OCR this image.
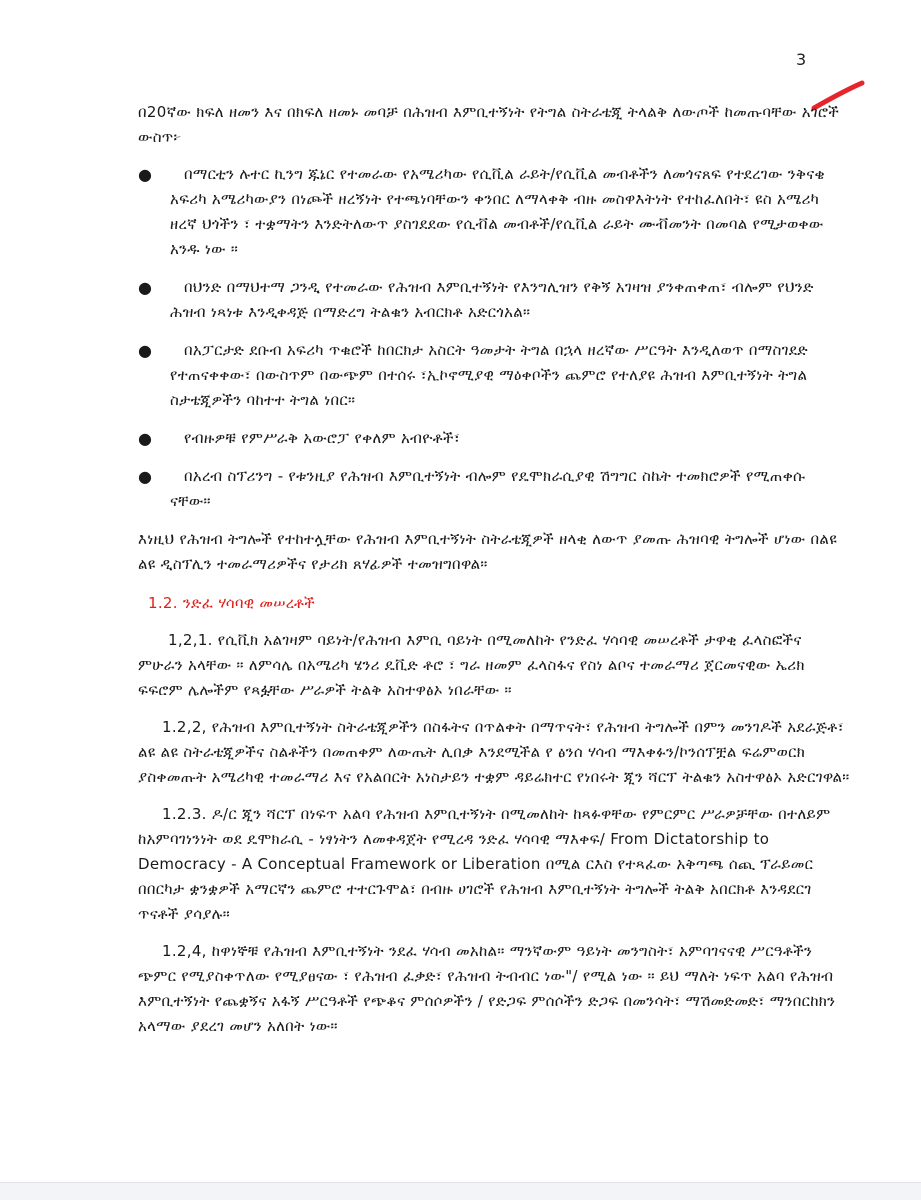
3

በ20ኛው ክፍለ ዘመን እና በክፍለ ዘመኑ መባቻ በሕዝብ እምቢተኝነት የትግል ስትራቴጂ ትላልቅ ለውጦች ከመጡባቸው አገሮች ውስጥ፦

● በማርቲን ሉተር ኪንግ ጁኔር የተመራው የአሜሪካው የሲቪል ራይት/የሲቪል መብቶችን ለመጎናጸፍ የተደረገው ንቅናቄ አፍሪካ አሜሪካውያን በነጮች ዘረኝነት የተጫነባቸውን ቀንበር ለማላቀቅ ብዙ መስዋእትነት የተከፈለበት፣ ዩስ አሜሪካ ዘረኛ ህጎችን ፣ ተቋማትን እንድትለውጥ ያስገደደው የሲቭል መብቶች/የሲቪል ራይት ሙቭመንት በመባል የሚታወቀው አንዱ ነው ።
● በህንድ በማህተማ ጋንዲ የተመራው የሕዝብ እምቢተኝነት የእንግሊዝን የቅኝ አገዛዝ ያንቀጠቀጠ፣ ብሎም የህንድ ሕዝብ ነጻነቱ እንዲቀዳጅ በማድረግ ትልቁን አብርክቶ አድርጎአል።
● በአፓርታድ ደቡብ አፍሪካ ጥቁሮች ከበርክታ አስርት ዓመታት ትግል በኋላ ዘረኛው ሥርዓት እንዲለወጥ በማስገደድ የተጠናቀቀው፣ በውስጥም በውጭም በተሰሩ ፣ኢኮኖሚያዊ ማዕቀቦችን ጨምሮ የተለያዩ ሕዝብ እምቢተኝነት ትግል ስታቴጂዎችን ባከተተ ትግል ነበር።
● የብዙዎቹ የምሥራቅ አውሮፓ የቀለም አብዮቶች፣
● በአረብ ስፕሪንግ - የቱንዚያ የሕዝብ እምቢተኝነት ብሎም የዴሞክራሲያዊ ሽግግር ስኬት ተመክሮዎች የሚጠቀሱ ናቸው።

እነዚህ የሕዝብ ትግሎች የተከተሏቸው የሕዝብ እምቢተኝነት ስትራቴጂዎች ዘላቂ ለውጥ ያመጡ ሕዝባዊ ትግሎች ሆነው በልዩ ልዩ ዲስፕሊን ተመራማሪዎችና የታሪክ ጸሃፊዎች ተመዝግበዋል።

1.2. ንድፈ ሃሳባዊ መሠረቶች

1,2,1. የሲቪክ አልገዛም ባይነት/የሕዝብ እምቢ ባይነት በሚመለከት የንድፈ ሃሳባዊ መሠረቶች ታዋቂ ፈላስፎችና ምሁራን አላቸው ። ለምሳሌ በአሜሪካ ሄንሪ ዴቪድ ቶሮ ፣ ግራ ዘመም ፈላስፋና የስነ ልቦና ተመራማሪ ጀርመናዊው ኤሪክ ፍፍሮም ሌሎችም የጻፏቸው ሥራዎች ትልቅ አስተዋፅኦ ነበራቸው ።

1.2,2, የሕዝብ እምቢተኝነት ስትራቴጂዎችን በስፋትና በጥልቀት በማጥናት፣ የሕዝብ ትግሎች በምን መንገዶች አደራጅቶ፣ ልዩ ልዩ ስትራቴጂዎችና ስልቶችን በመጠቀም ለውጤት ሊበቃ እንደሚችል የ ፅንሰ ሃሳብ ማእቀፉን/ኮንሰፕቿል ፍሬምወርክ ያስቀመጡት አሜሪካዊ ተመራማሪ እና የአልበርት አነስታይን ተቋም ዳይሬክተር የነበሩት ጂን ሻርፕ ትልቁን አስተዋፅኦ አድርገዋል።

1.2.3. ዶ/ር ጂን ሻርፕ በነፍጥ አልባ የሕዝብ እምቢተኝነት በሚመለከት ከጻፉዋቸው የምርምር ሥራዎቻቸው በተለይም ከአምባገነንነት ወደ ዴሞክራሲ - ነፃነትን ለመቀዳጀት የሚረዳ ንድፈ ሃሳባዊ ማእቀፍ/ From Dictatorship to Democracy - A Conceptual Framework or Liberation በሚል ርእስ የተጻፈው አቅጣጫ ሰጪ ፕራይመር በበርካታ ቋንቋዎች አማርኛን ጨምሮ ተተርጉሞል፣ በብዙ ሀገሮች የሕዝብ እምቢተኝነት ትግሎች ትልቅ አበርክቶ እንዳደርገ ጥናቶች ያሳያሉ።

1.2,4, ከዋነኞቹ የሕዝብ እምቢተኝነት ንደፈ ሃሳብ መአከል። ማንኛውም ዓይነት መንግስት፣ አምባገናናዊ ሥርዓቶችን ጭምር የሚያስቀጥለው የሚያፀናው ፣ የሕዝብ ፈቃድ፣ የሕዝብ ትብብር ነው"/ የሚል ነው ። ይህ ማለት ነፍጥ አልባ የሕዝብ እምቢተኝነት የጨቋኝና አፋኝ ሥርዓቶች የጭቆና ምሰሶዎችን / የድጋፍ ምሰሶችን ድጋፍ በመንሳት፣ ማሽመድመድ፣ ማንበርከክን አላማው ያደረገ መሆን አለበት ነው።
